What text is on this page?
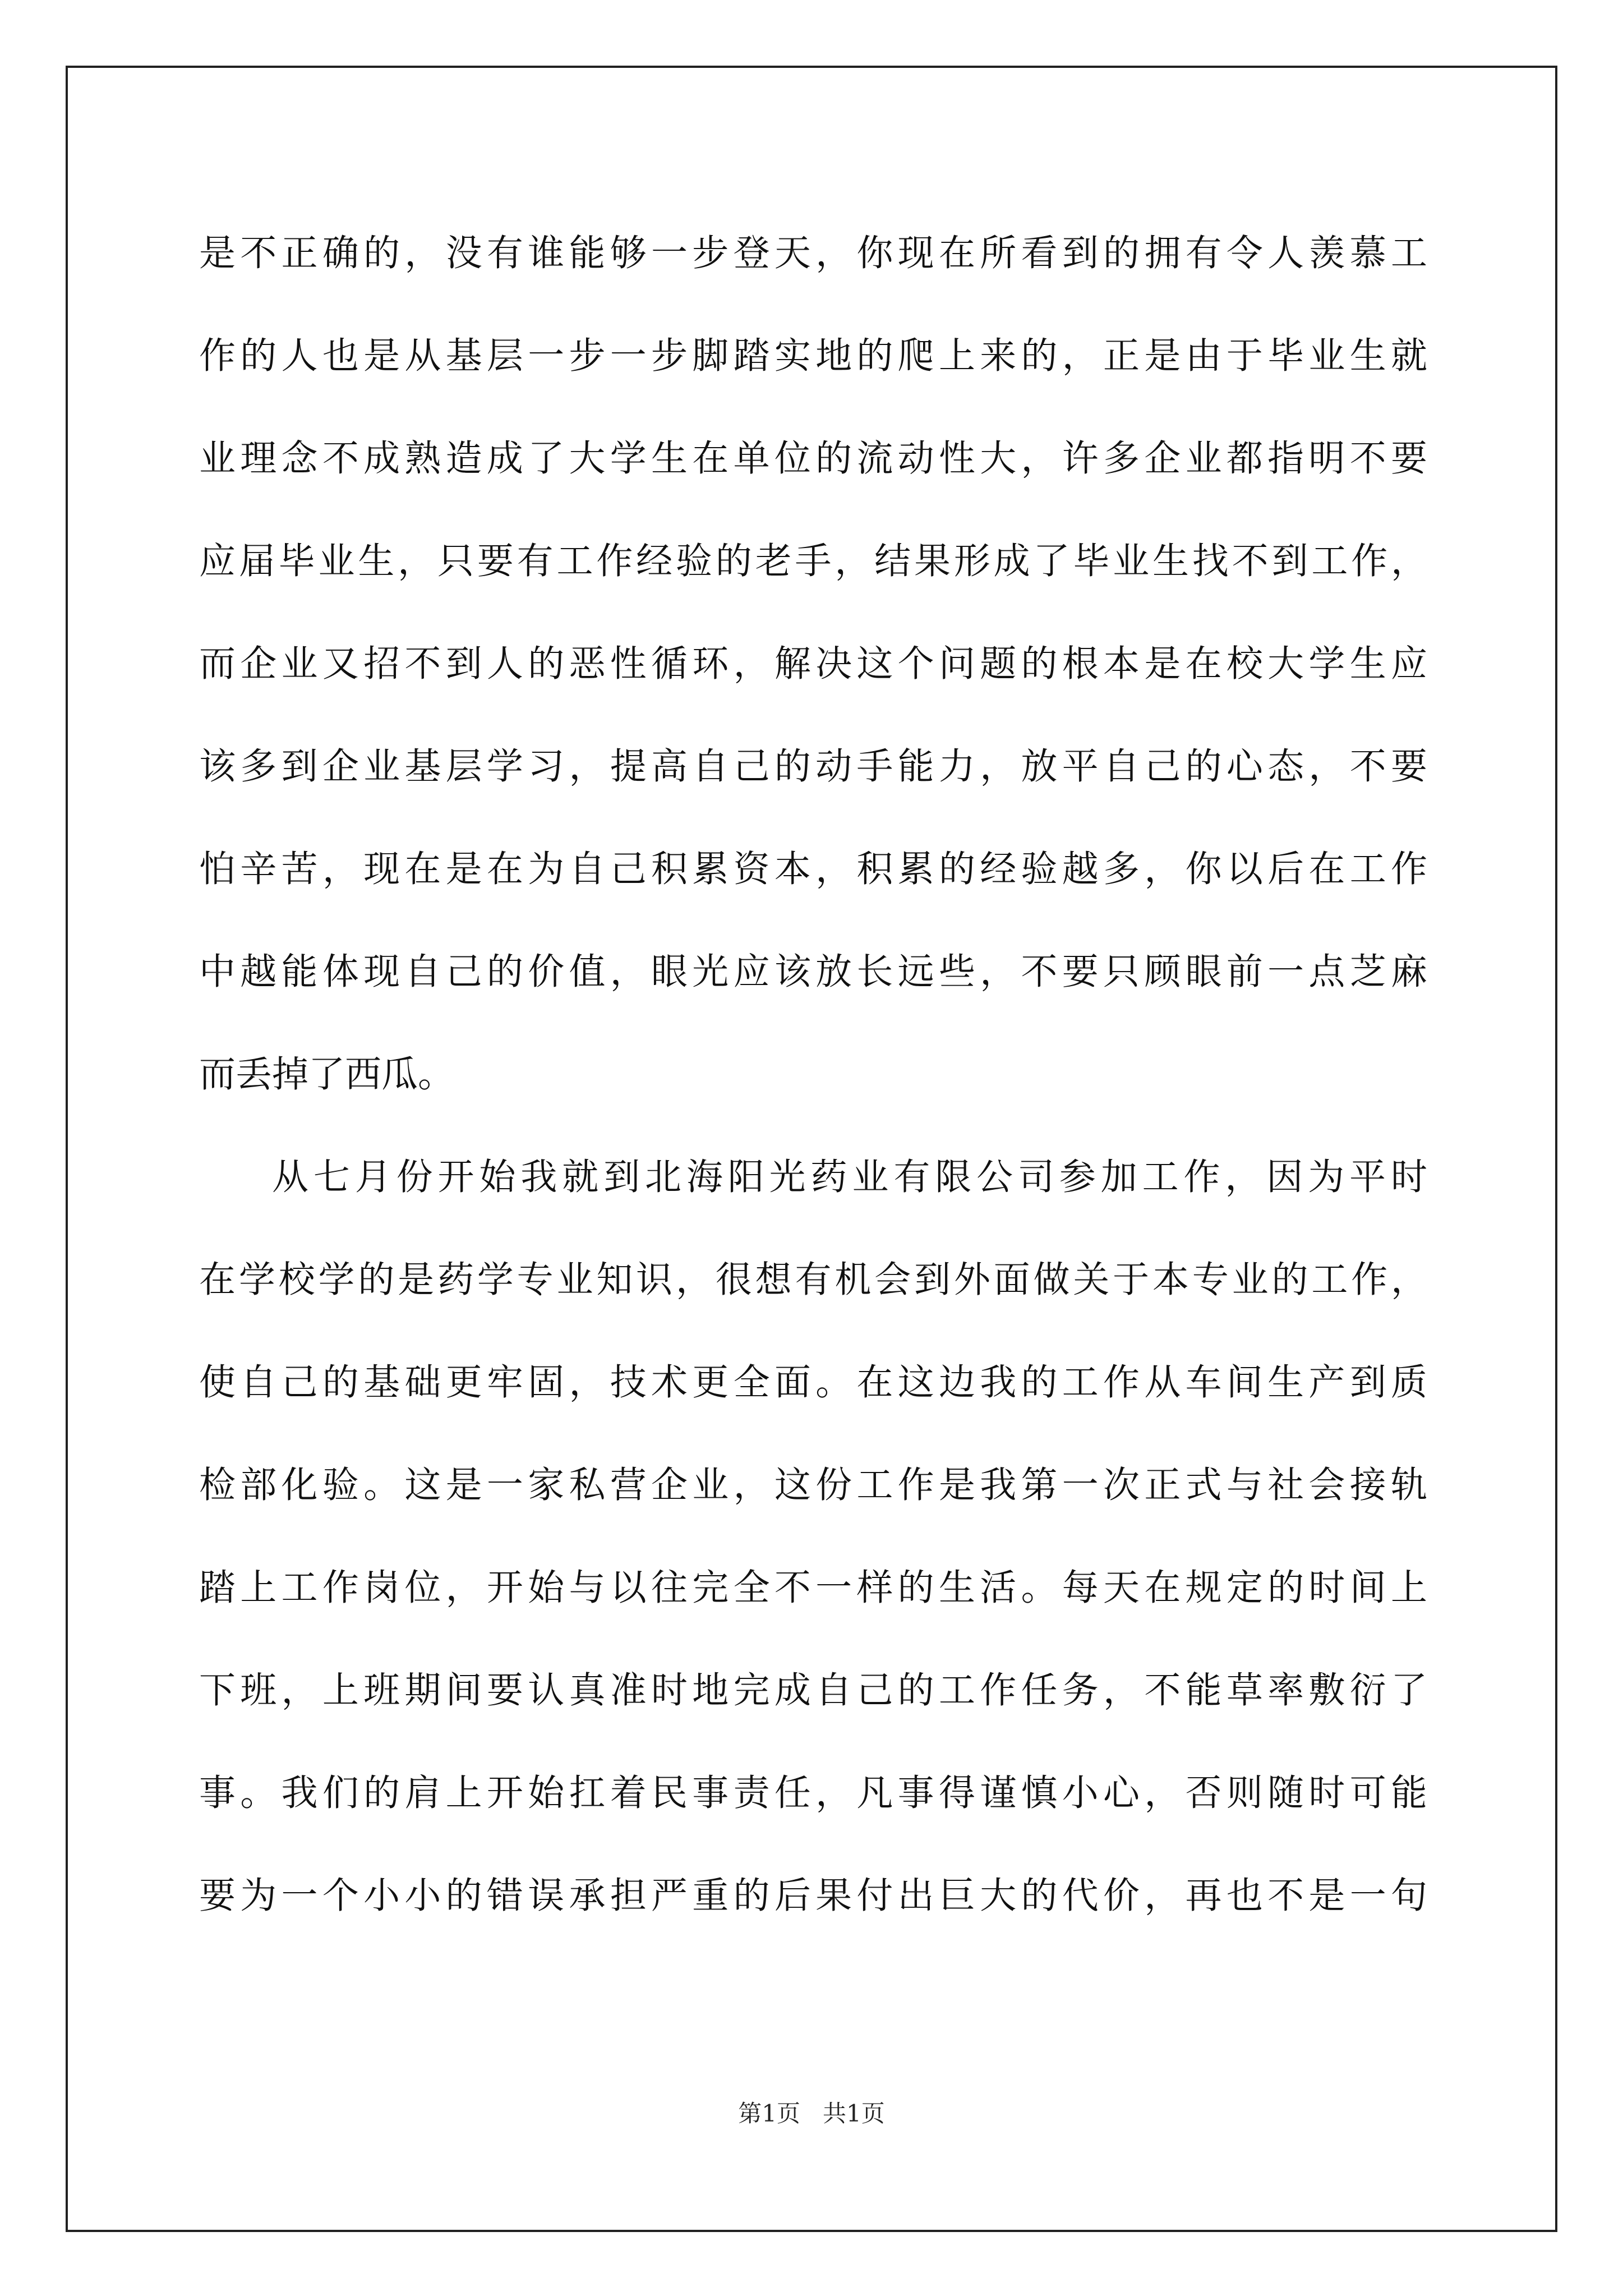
是不正确的，没有谁能够一步登天，你现在所看到的拥有令人羡慕工
作的人也是从基层一步一步脚踏实地的爬上来的，正是由于毕业生就
业理念不成熟造成了大学生在单位的流动性大，许多企业都指明不要
应届毕业生，只要有工作经验的老手，结果形成了毕业生找不到工作，
而企业又招不到人的恶性循环，解决这个问题的根本是在校大学生应
该多到企业基层学习，提高自己的动手能力，放平自己的心态，不要
怕辛苦，现在是在为自己积累资本，积累的经验越多，你以后在工作
中越能体现自己的价值，眼光应该放长远些，不要只顾眼前一点芝麻
而丢掉了西瓜。
从七月份开始我就到北海阳光药业有限公司参加工作，因为平时
在学校学的是药学专业知识，很想有机会到外面做关于本专业的工作，
使自己的基础更牢固，技术更全面。在这边我的工作从车间生产到质
检部化验。这是一家私营企业，这份工作是我第一次正式与社会接轨
踏上工作岗位，开始与以往完全不一样的生活。每天在规定的时间上
下班，上班期间要认真准时地完成自己的工作任务，不能草率敷衍了
事。我们的肩上开始扛着民事责任，凡事得谨慎小心，否则随时可能
要为一个小小的错误承担严重的后果付出巨大的代价，再也不是一句
第1页   共1页
